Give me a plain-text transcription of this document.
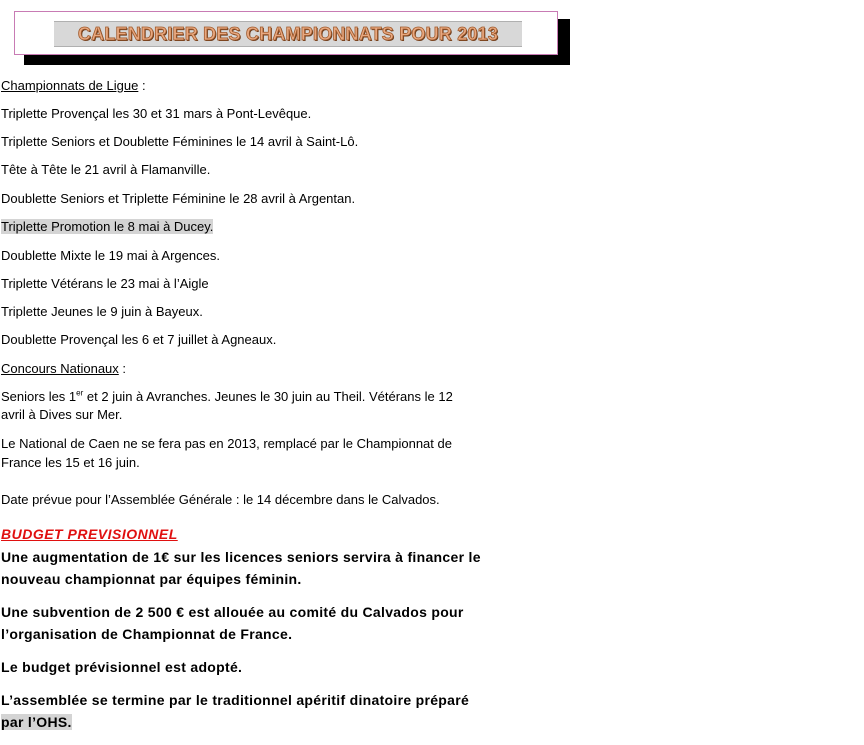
CALENDRIER DES CHAMPIONNATS POUR 2013

Championnats de Ligue :

Triplette Provençal les 30 et 31 mars à Pont-Levêque.

Triplette Seniors et Doublette Féminines le 14 avril à Saint-Lô.

Tête à Tête le 21 avril à Flamanville.

Doublette Seniors et Triplette Féminine le 28 avril à Argentan.

Triplette Promotion le 8 mai à Ducey.

Doublette Mixte le 19 mai à Argences.

Triplette Vétérans le 23 mai à l’Aigle

Triplette Jeunes le 9 juin à Bayeux.

Doublette Provençal les 6 et 7 juillet à Agneaux.

Concours Nationaux :

Seniors les 1er et 2 juin à Avranches. Jeunes le 30 juin au Theil. Vétérans le 12

avril à Dives sur Mer.

Le National de Caen ne se fera pas en 2013, remplacé par le Championnat de

France les 15 et 16 juin.

Date prévue pour l’Assemblée Générale : le 14 décembre dans le Calvados.

BUDGET PREVISIONNEL

Une augmentation de 1€ sur les licences seniors servira à financer le

nouveau championnat par équipes féminin.

Une subvention de 2 500 € est allouée au comité du Calvados pour

l’organisation de Championnat de France.

Le budget prévisionnel est adopté.

L’assemblée se termine par le traditionnel apéritif dinatoire préparé

par l’OHS.
